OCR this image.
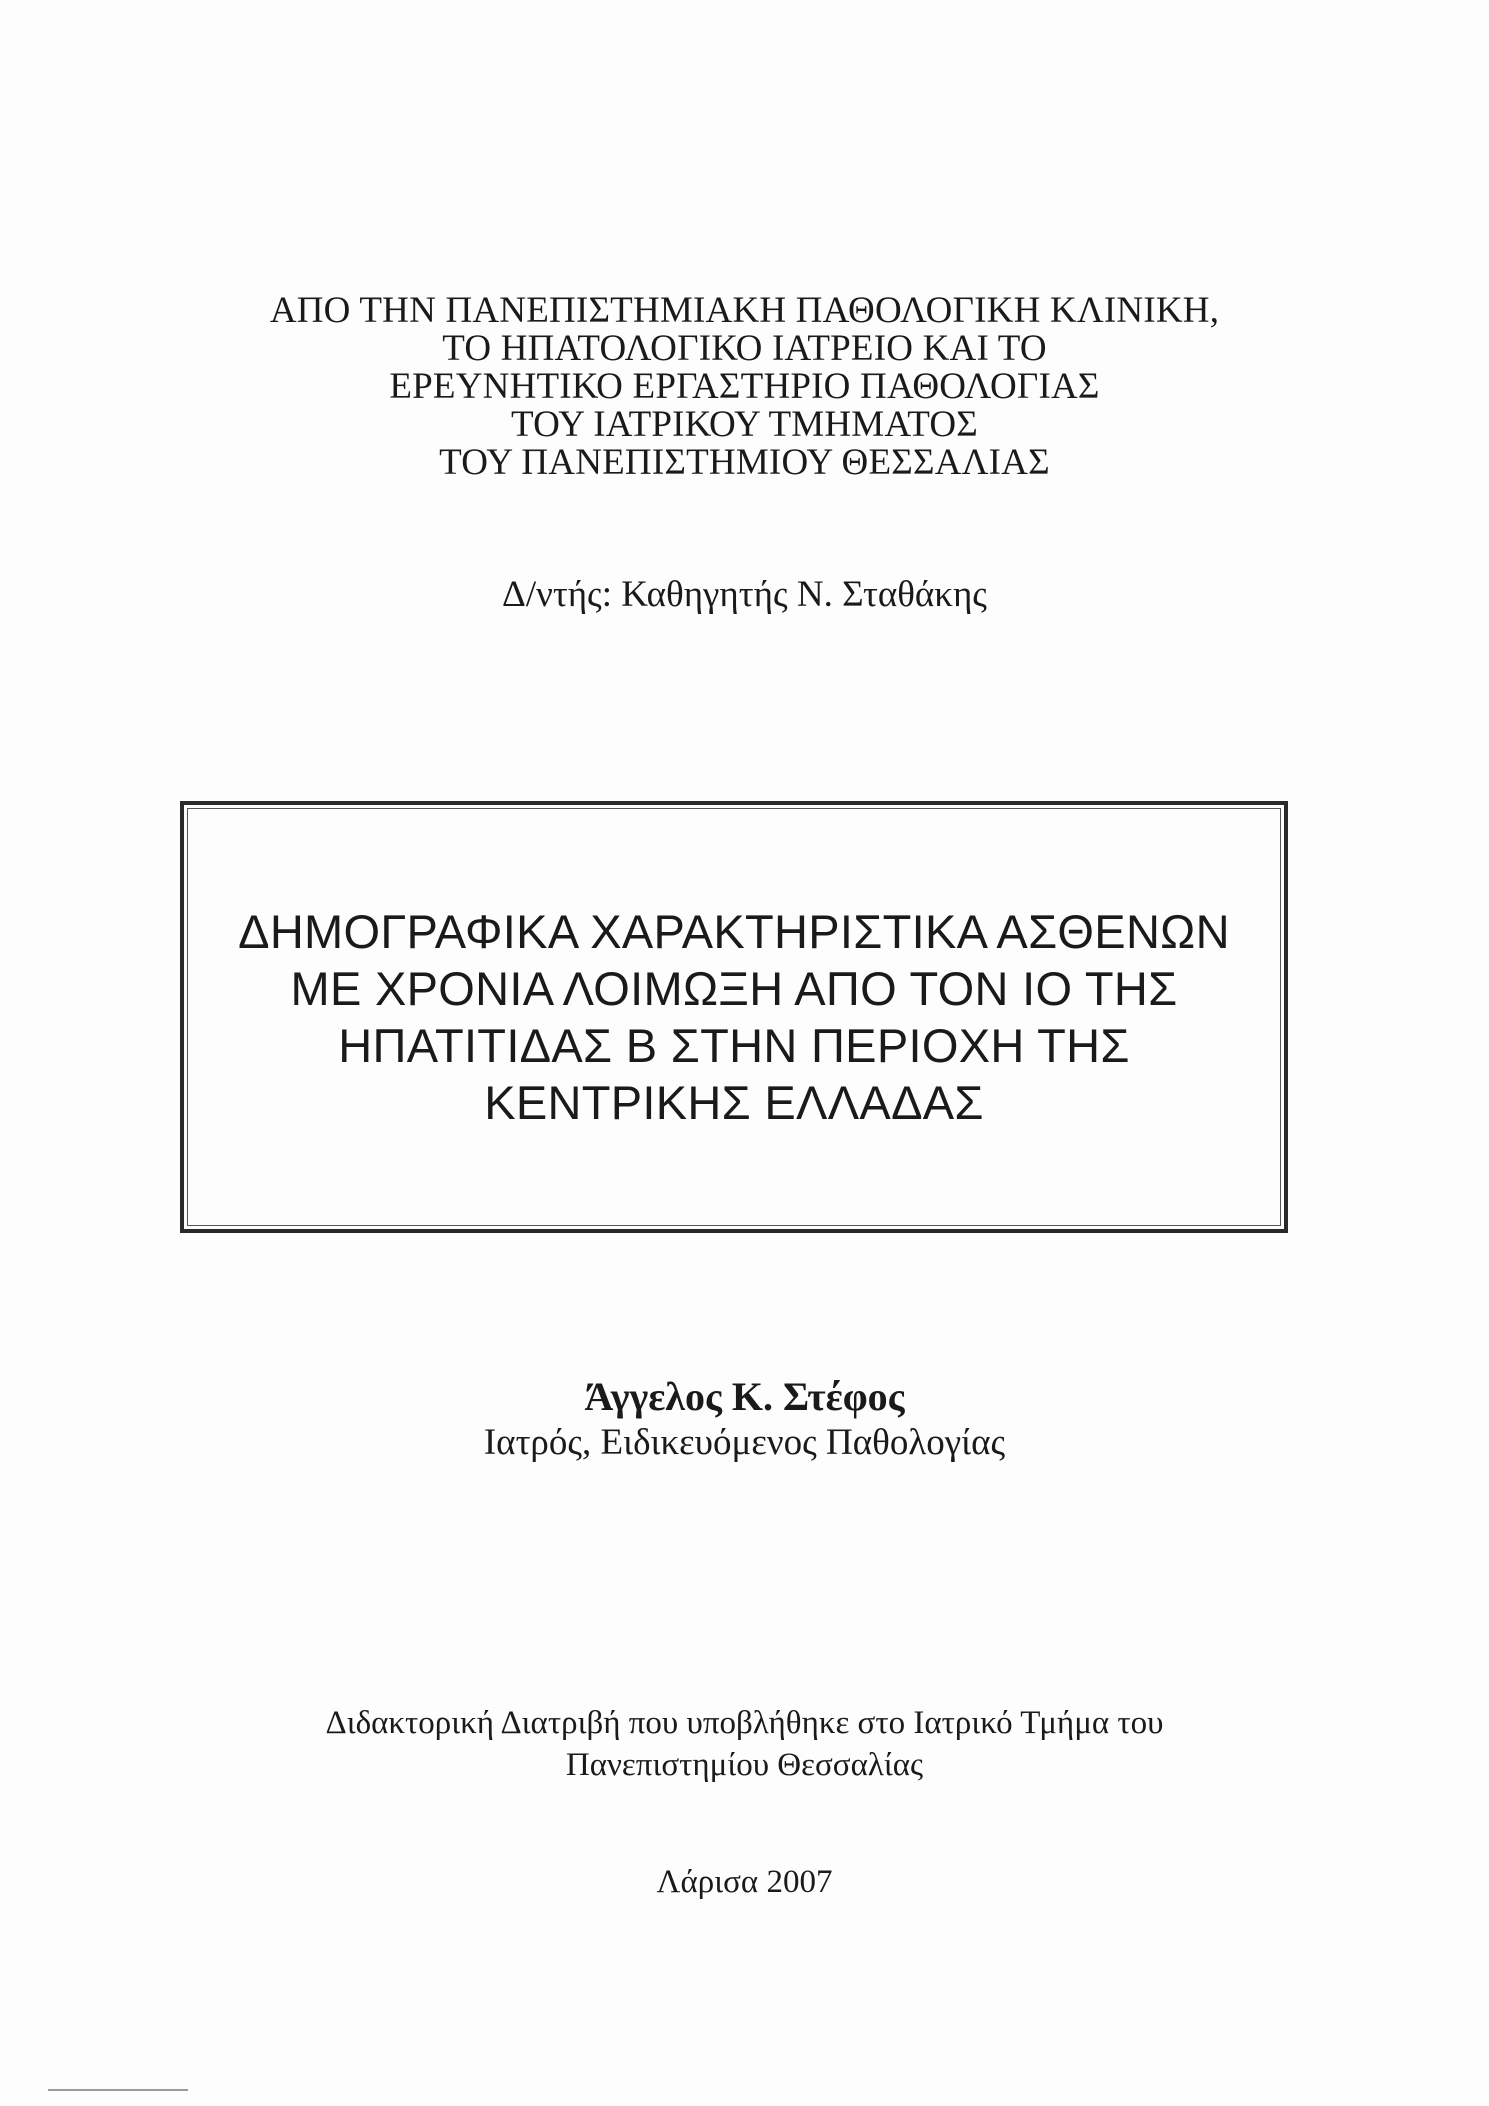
ΑΠΟ ΤΗΝ ΠΑΝΕΠΙΣΤΗΜΙΑΚΗ ΠΑΘΟΛΟΓΙΚΗ ΚΛΙΝΙΚΗ,
ΤΟ ΗΠΑΤΟΛΟΓΙΚΟ ΙΑΤΡΕΙΟ ΚΑΙ ΤΟ
ΕΡΕΥΝΗΤΙΚΟ ΕΡΓΑΣΤΗΡΙΟ ΠΑΘΟΛΟΓΙΑΣ
ΤΟΥ ΙΑΤΡΙΚΟΥ ΤΜΗΜΑΤΟΣ
ΤΟΥ ΠΑΝΕΠΙΣΤΗΜΙΟΥ ΘΕΣΣΑΛΙΑΣ
Δ/ντής: Καθηγητής Ν. Σταθάκης
ΔΗΜΟΓΡΑΦΙΚΑ ΧΑΡΑΚΤΗΡΙΣΤΙΚΑ ΑΣΘΕΝΩΝ
ΜΕ ΧΡΟΝΙΑ ΛΟΙΜΩΞΗ ΑΠΟ ΤΟΝ ΙΟ ΤΗΣ
ΗΠΑΤΙΤΙΔΑΣ Β ΣΤΗΝ ΠΕΡΙΟΧΗ ΤΗΣ
ΚΕΝΤΡΙΚΗΣ ΕΛΛΑΔΑΣ
Άγγελος Κ. Στέφος
Ιατρός, Ειδικευόμενος Παθολογίας
Διδακτορική Διατριβή που υποβλήθηκε στο Ιατρικό Τμήμα του
Πανεπιστημίου Θεσσαλίας
Λάρισα 2007
